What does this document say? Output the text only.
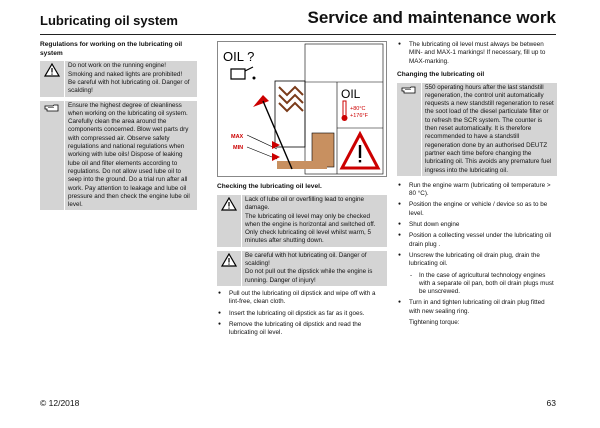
Lubricating oil system	Service and maintenance work
Regulations for working on the lubricating oil system

Do not work on the running engine!

Smoking and naked lights are prohibited!

Be careful with hot lubricating oil. Danger of scalding!

Ensure the highest degree of cleanliness when working on the lubricating oil system. Carefully clean the area around the components concerned. Blow wet parts dry with compressed air. Observe safety regulations and national regulations when working with lube oils! Dispose of leaking lube oil and filter elements according to regulations. Do not allow used lube oil to seep into the ground. Do a trial run after all work. Pay attention to leakage and lube oil pressure and then check the engine lube oil level.
OIL ?
OIL
+80°C
+176°F
MAX
MIN
Checking the lubricating oil level.

Lack of lube oil or overfilling lead to engine damage.

The lubricating oil level may only be checked when the engine is horizontal and switched off.

Only check lubricating oil level whilst warm, 5 minutes after shutting down.

Be careful with hot lubricating oil. Danger of scalding!

Do not pull out the dipstick while the engine is running. Danger of injury!

● Pull out the lubricating oil dipstick and wipe off with a lint-free, clean cloth.
● Insert the lubricating oil dipstick as far as it goes.
● Remove the lubricating oil dipstick and read the lubricating oil level.
● The lubricating oil level must always be between MIN- and MAX-1 markings! If necessary, fill up to MAX-marking.
Changing the lubricating oil
550 operating hours after the last standstill regeneration, the control unit automatically requests a new standstill regeneration to reset the soot load of the diesel particulate filter or to refresh the SCR system. The counter is then reset automatically. It is therefore recommended to have a standstill regeneration done by an authorised DEUTZ partner each time before changing the lubricating oil. This avoids any premature fuel ingress into the lubricating oil.
● Run the engine warm (lubricating oil temperature > 80 °C).
● Position the engine or vehicle / device so as to be level.
● Shut down engine
● Position a collecting vessel under the lubricating oil drain plug .
● Unscrew the lubricating oil drain plug, drain the lubricating oil.
- In the case of agricultural technology engines with a separate oil pan, both oil drain plugs must be unscrewed.
● Turn in and tighten lubricating oil drain plug fitted with new sealing ring.
Tightening torque:
© 12/2018	63
